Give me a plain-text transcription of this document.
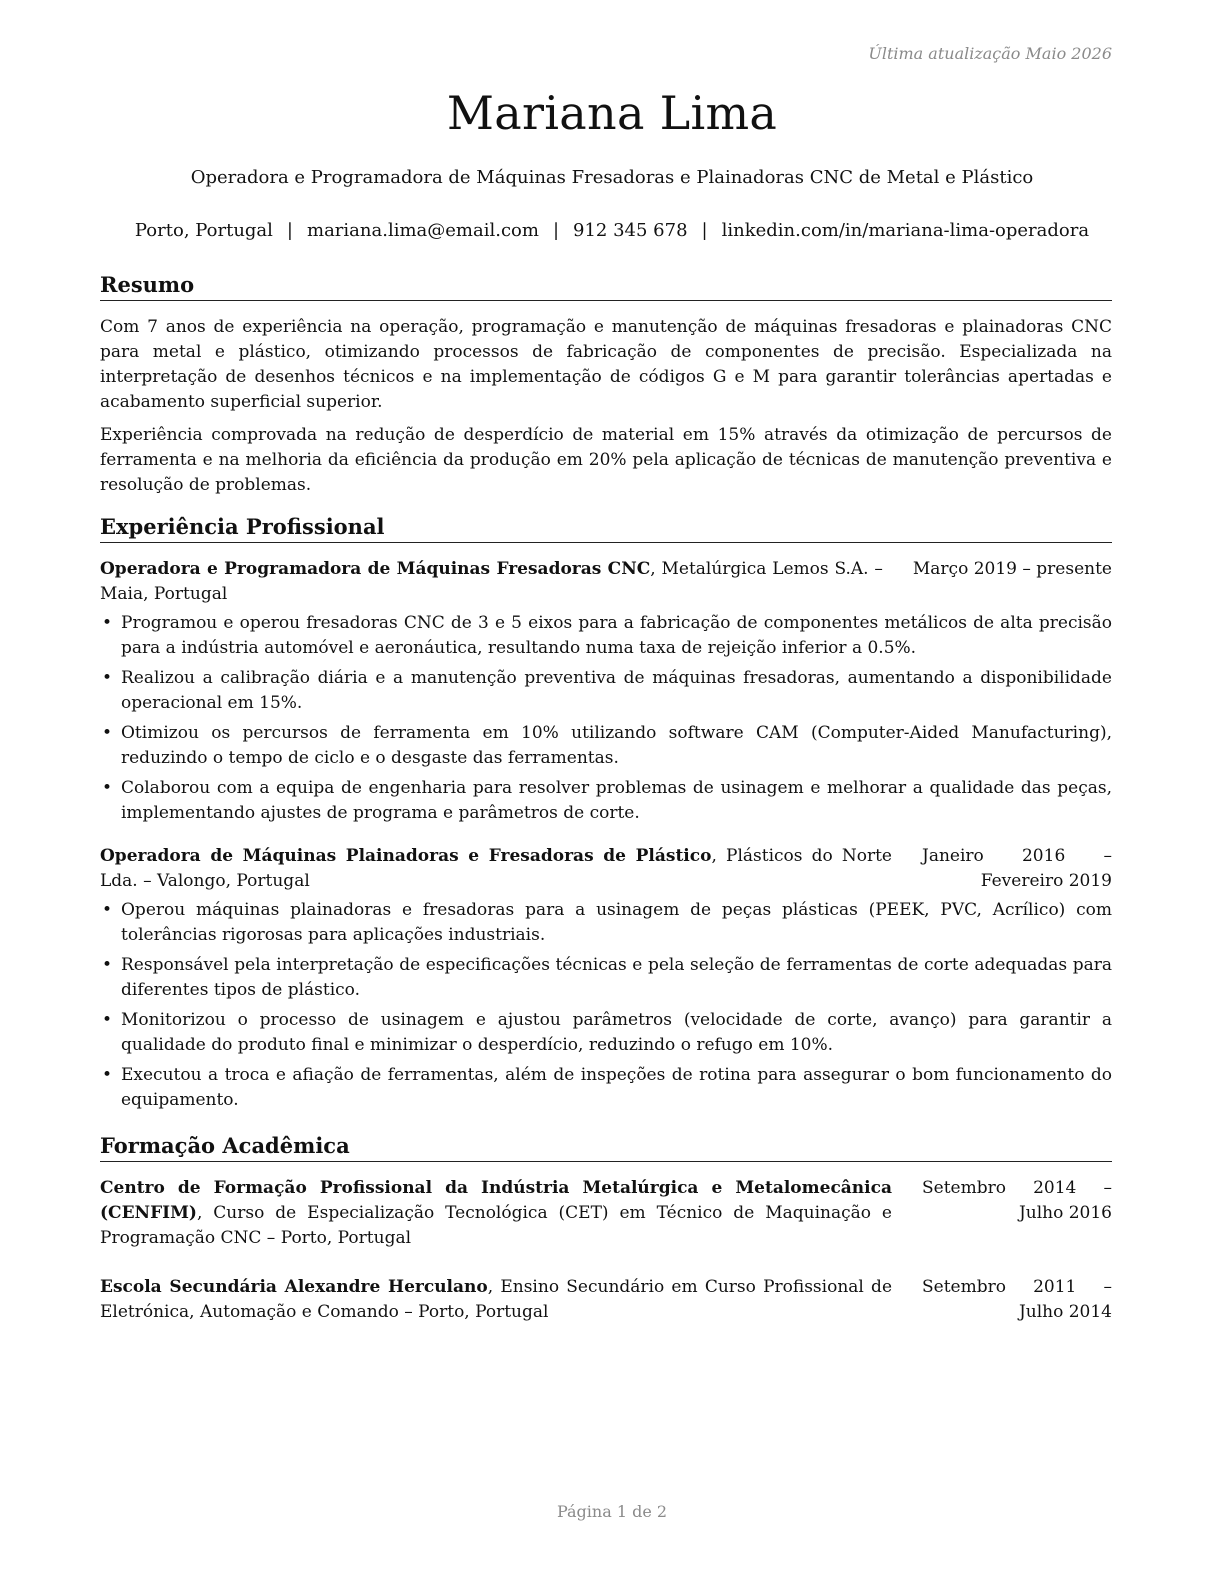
Última atualização Maio 2026
Mariana Lima
Operadora e Programadora de Máquinas Fresadoras e Plainadoras CNC de Metal e Plástico
Porto, Portugal | mariana.lima@email.com | 912 345 678 | linkedin.com/in/mariana-lima-operadora
Resumo

Com 7 anos de experiência na operação, programação e manutenção de máquinas fresadoras e plainadoras CNC para metal e plástico, otimizando processos de fabricação de componentes de precisão. Especializada na interpretação de desenhos técnicos e na implementação de códigos G e M para garantir tolerâncias apertadas e acabamento superficial superior.

Experiência comprovada na redução de desperdício de material em 15% através da otimização de percursos de ferramenta e na melhoria da eficiência da produção em 20% pela aplicação de técnicas de manutenção preventiva e resolução de problemas.

Experiência Profissional
Operadora e Programadora de Máquinas Fresadoras CNC, Metalúrgica Lemos S.A. – Maia, Portugal
Março 2019 – presente
• Programou e operou fresadoras CNC de 3 e 5 eixos para a fabricação de componentes metálicos de alta precisão para a indústria automóvel e aeronáutica, resultando numa taxa de rejeição inferior a 0.5%.
• Realizou a calibração diária e a manutenção preventiva de máquinas fresadoras, aumentando a disponibilidade operacional em 15%.
• Otimizou os percursos de ferramenta em 10% utilizando software CAM (Computer-Aided Manufacturing), reduzindo o tempo de ciclo e o desgaste das ferramentas.
• Colaborou com a equipa de engenharia para resolver problemas de usinagem e melhorar a qualidade das peças, implementando ajustes de programa e parâmetros de corte.
Operadora de Máquinas Plainadoras e Fresadoras de Plástico, Plásticos do Norte Lda. – Valongo, Portugal
Janeiro 2016 – Fevereiro 2019
• Operou máquinas plainadoras e fresadoras para a usinagem de peças plásticas (PEEK, PVC, Acrílico) com tolerâncias rigorosas para aplicações industriais.
• Responsável pela interpretação de especificações técnicas e pela seleção de ferramentas de corte adequadas para diferentes tipos de plástico.
• Monitorizou o processo de usinagem e ajustou parâmetros (velocidade de corte, avanço) para garantir a qualidade do produto final e minimizar o desperdício, reduzindo o refugo em 10%.
• Executou a troca e afiação de ferramentas, além de inspeções de rotina para assegurar o bom funcionamento do equipamento.
Formação Acadêmica
Centro de Formação Profissional da Indústria Metalúrgica e Metalomecânica (CENFIM), Curso de Especialização Tecnológica (CET) em Técnico de Maquinação e Programação CNC – Porto, Portugal
Setembro 2014 – Julho 2016
Escola Secundária Alexandre Herculano, Ensino Secundário em Curso Profissional de Eletrónica, Automação e Comando – Porto, Portugal
Setembro 2011 – Julho 2014
Página 1 de 2
